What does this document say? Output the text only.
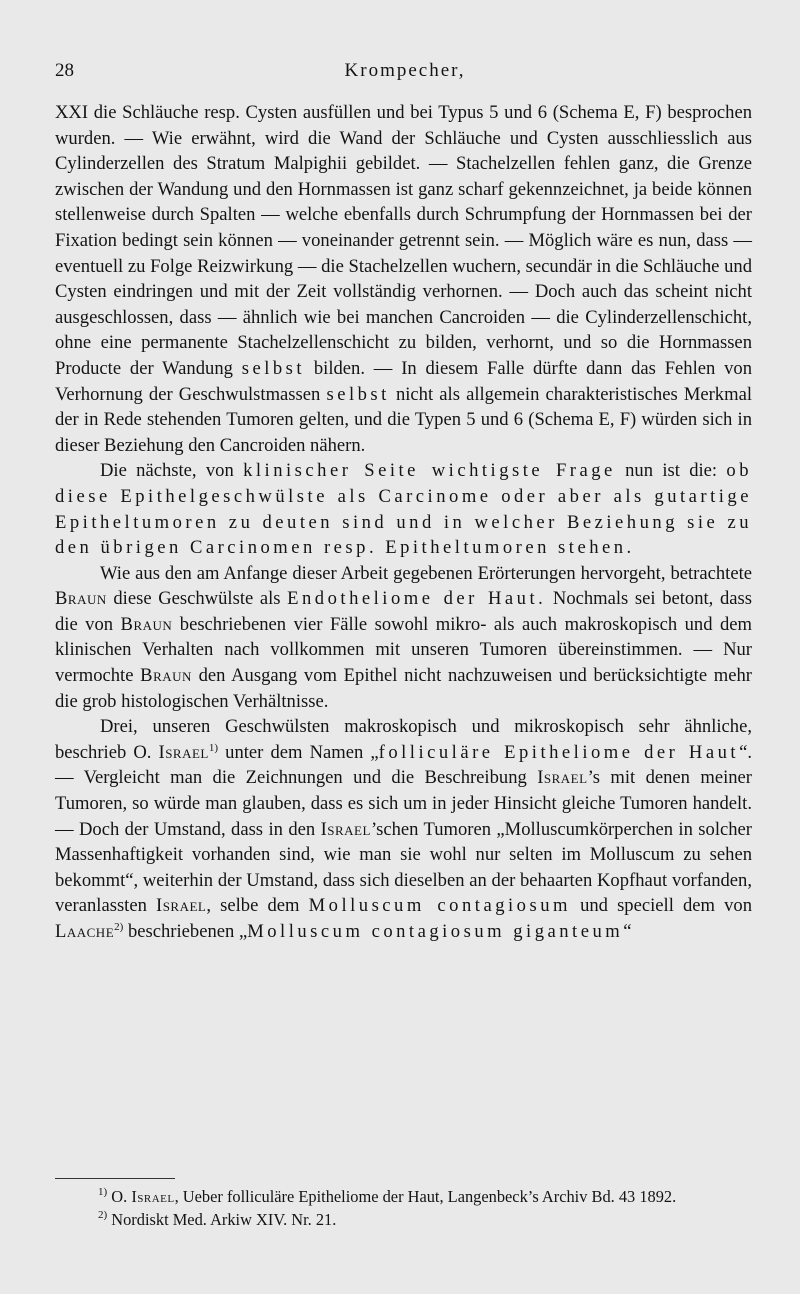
28	Krompecher,

XXI die Schläuche resp. Cysten ausfüllen und bei Typus 5 und 6 (Schema E, F) besprochen wurden. — Wie erwähnt, wird die Wand der Schläuche und Cysten ausschliesslich aus Cylinderzellen des Stratum Malpighii gebildet. — Stachelzellen fehlen ganz, die Grenze zwischen der Wandung und den Hornmassen ist ganz scharf gekennzeichnet, ja beide können stellenweise durch Spalten — welche ebenfalls durch Schrumpfung der Hornmassen bei der Fixation bedingt sein können — voneinander getrennt sein. — Möglich wäre es nun, dass — eventuell zu Folge Reizwirkung — die Stachelzellen wuchern, secundär in die Schläuche und Cysten eindringen und mit der Zeit vollständig verhornen. — Doch auch das scheint nicht ausgeschlossen, dass — ähnlich wie bei manchen Cancroiden — die Cylinderzellenschicht, ohne eine permanente Stachelzellenschicht zu bilden, verhornt, und so die Hornmassen Producte der Wandung selbst bilden. — In diesem Falle dürfte dann das Fehlen von Verhornung der Geschwulstmassen selbst nicht als allgemein charakteristisches Merkmal der in Rede stehenden Tumoren gelten, und die Typen 5 und 6 (Schema E, F) würden sich in dieser Beziehung den Cancroiden nähern.

Die nächste, von klinischer Seite wichtigste Frage nun ist die: ob diese Epithelgeschwülste als Carcinome oder aber als gutartige Epitheltumoren zu deuten sind und in welcher Beziehung sie zu den übrigen Carcinomen resp. Epitheltumoren stehen.

Wie aus den am Anfange dieser Arbeit gegebenen Erörterungen hervorgeht, betrachtete Braun diese Geschwülste als Endotheliome der Haut. Nochmals sei betont, dass die von Braun beschriebenen vier Fälle sowohl mikro- als auch makroskopisch und dem klinischen Verhalten nach vollkommen mit unseren Tumoren übereinstimmen. — Nur vermochte Braun den Ausgang vom Epithel nicht nachzuweisen und berücksichtigte mehr die grob histologischen Verhältnisse.

Drei, unseren Geschwülsten makroskopisch und mikroskopisch sehr ähnliche, beschrieb O. Israel$^{1)}$ unter dem Namen „folliculäre Epitheliome der Haut“. — Vergleicht man die Zeichnungen und die Beschreibung Israel’s mit denen meiner Tumoren, so würde man glauben, dass es sich um in jeder Hinsicht gleiche Tumoren handelt. — Doch der Umstand, dass in den Israel’schen Tumoren „Molluscumkörperchen in solcher Massenhaftigkeit vorhanden sind, wie man sie wohl nur selten im Molluscum zu sehen bekommt“, weiterhin der Umstand, dass sich dieselben an der behaarten Kopfhaut vorfanden, veranlassten Israel, selbe dem Molluscum contagiosum und speciell dem von Laache$^{2)}$ beschriebenen „Molluscum contagiosum giganteum“

$^{1)}$ O. Israel, Ueber folliculäre Epitheliome der Haut, Langenbeck’s Archiv Bd. 43 1892.

$^{2)}$ Nordiskt Med. Arkiw XIV. Nr. 21.
